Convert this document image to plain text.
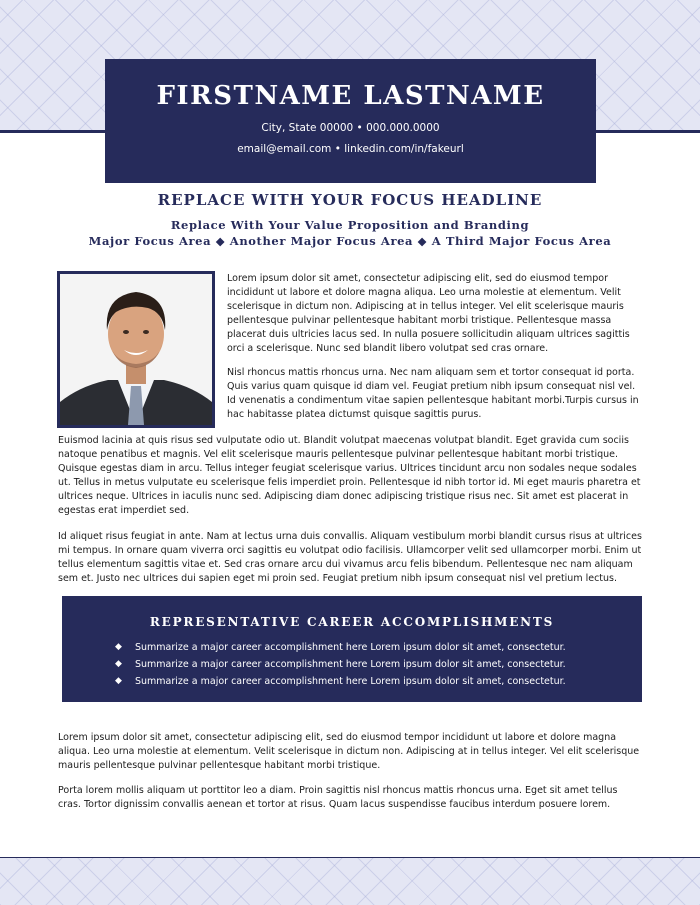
FIRSTNAME LASTNAME
City, State 00000 • 000.000.0000
email@email.com • linkedin.com/in/fakeurl
REPLACE WITH YOUR FOCUS HEADLINE
Replace With Your Value Proposition and Branding
Major Focus Area ◆ Another Major Focus Area ◆ A Third Major Focus Area

Lorem ipsum dolor sit amet, consectetur adipiscing elit, sed do eiusmod tempor incididunt ut labore et dolore magna aliqua. Leo urna molestie at elementum. Velit scelerisque in dictum non. Adipiscing at in tellus integer. Vel elit scelerisque mauris pellentesque pulvinar pellentesque habitant morbi tristique. Pellentesque massa placerat duis ultricies lacus sed. In nulla posuere sollicitudin aliquam ultrices sagittis orci a scelerisque. Nunc sed blandit libero volutpat sed cras ornare.

Nisl rhoncus mattis rhoncus urna. Nec nam aliquam sem et tortor consequat id porta. Quis varius quam quisque id diam vel. Feugiat pretium nibh ipsum consequat nisl vel. Id venenatis a condimentum vitae sapien pellentesque habitant morbi.Turpis cursus in hac habitasse platea dictumst quisque sagittis purus.

Euismod lacinia at quis risus sed vulputate odio ut. Blandit volutpat maecenas volutpat blandit. Eget gravida cum sociis natoque penatibus et magnis. Vel elit scelerisque mauris pellentesque pulvinar pellentesque habitant morbi tristique. Quisque egestas diam in arcu. Tellus integer feugiat scelerisque varius. Ultrices tincidunt arcu non sodales neque sodales ut. Tellus in metus vulputate eu scelerisque felis imperdiet proin. Pellentesque id nibh tortor id. Mi eget mauris pharetra et ultrices neque. Ultrices in iaculis nunc sed. Adipiscing diam donec adipiscing tristique risus nec. Sit amet est placerat in egestas erat imperdiet sed.

Id aliquet risus feugiat in ante. Nam at lectus urna duis convallis. Aliquam vestibulum morbi blandit cursus risus at ultrices mi tempus. In ornare quam viverra orci sagittis eu volutpat odio facilisis. Ullamcorper velit sed ullamcorper morbi. Enim ut tellus elementum sagittis vitae et. Sed cras ornare arcu dui vivamus arcu felis bibendum. Pellentesque nec nam aliquam sem et. Justo nec ultrices dui sapien eget mi proin sed. Feugiat pretium nibh ipsum consequat nisl vel pretium lectus.

REPRESENTATIVE CAREER ACCOMPLISHMENTS
◆ Summarize a major career accomplishment here Lorem ipsum dolor sit amet, consectetur.
◆ Summarize a major career accomplishment here Lorem ipsum dolor sit amet, consectetur.
◆ Summarize a major career accomplishment here Lorem ipsum dolor sit amet, consectetur.

Lorem ipsum dolor sit amet, consectetur adipiscing elit, sed do eiusmod tempor incididunt ut labore et dolore magna aliqua. Leo urna molestie at elementum. Velit scelerisque in dictum non. Adipiscing at in tellus integer. Vel elit scelerisque mauris pellentesque pulvinar pellentesque habitant morbi tristique.

Porta lorem mollis aliquam ut porttitor leo a diam. Proin sagittis nisl rhoncus mattis rhoncus urna. Eget sit amet tellus cras. Tortor dignissim convallis aenean et tortor at risus. Quam lacus suspendisse faucibus interdum posuere lorem.
